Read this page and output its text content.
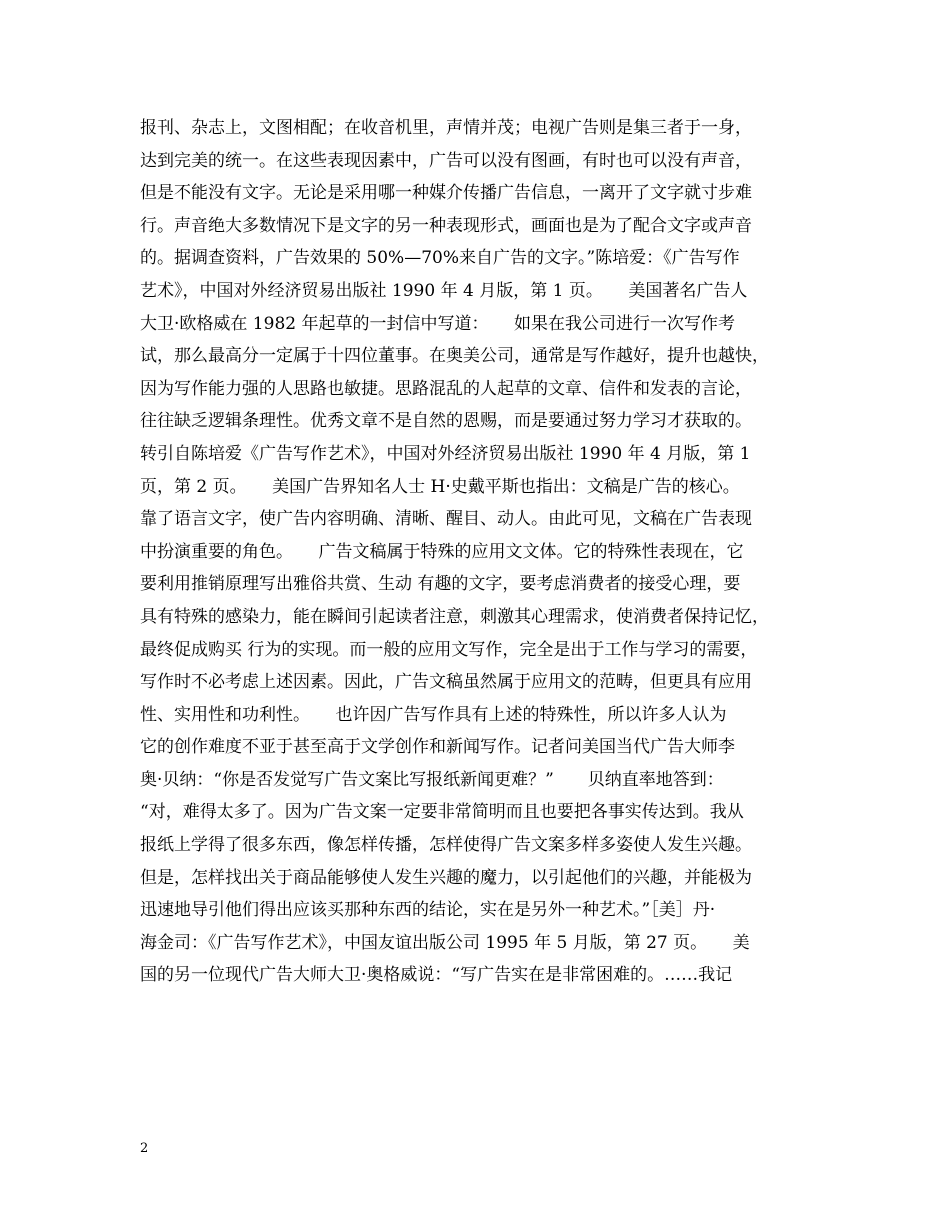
报刊、杂志上，文图相配；在收音机里，声情并茂；电视广告则是集三者于一身，
达到完美的统一。在这些表现因素中，广告可以没有图画，有时也可以没有声音，
但是不能没有文字。无论是采用哪一种媒介传播广告信息，一离开了文字就寸步难
行。声音绝大多数情况下是文字的另一种表现形式，画面也是为了配合文字或声音
的。据调查资料，广告效果的 50%—70%来自广告的文字。”陈培爱：《广告写作
艺术》，中国对外经济贸易出版社 1990 年 4 月版，第 1 页。　　美国著名广告人
大卫·欧格威在 1982 年起草的一封信中写道：　　如果在我公司进行一次写作考
试，那么最高分一定属于十四位董事。在奥美公司，通常是写作越好，提升也越快，
因为写作能力强的人思路也敏捷。思路混乱的人起草的文章、信件和发表的言论，
往往缺乏逻辑条理性。优秀文章不是自然的恩赐，而是要通过努力学习才获取的。
转引自陈培爱《广告写作艺术》，中国对外经济贸易出版社 1990 年 4 月版，第 1
页，第 2 页。　　美国广告界知名人士 H·史戴平斯也指出：文稿是广告的核心。
靠了语言文字，使广告内容明确、清晰、醒目、动人。由此可见，文稿在广告表现
中扮演重要的角色。　　广告文稿属于特殊的应用文文体。它的特殊性表现在，它
要利用推销原理写出雅俗共赏、生动 有趣的文字，要考虑消费者的接受心理，要
具有特殊的感染力，能在瞬间引起读者注意，刺激其心理需求，使消费者保持记忆，
最终促成购买 行为的实现。而一般的应用文写作，完全是出于工作与学习的需要，
写作时不必考虑上述因素。因此，广告文稿虽然属于应用文的范畴，但更具有应用
性、实用性和功利性。　　也许因广告写作具有上述的特殊性，所以许多人认为
它的创作难度不亚于甚至高于文学创作和新闻写作。记者问美国当代广告大师李
奥·贝纳：“你是否发觉写广告文案比写报纸新闻更难？”　　贝纳直率地答到：
“对，难得太多了。因为广告文案一定要非常简明而且也要把各事实传达到。我从
报纸上学得了很多东西，像怎样传播，怎样使得广告文案多样多姿使人发生兴趣。
但是，怎样找出关于商品能够使人发生兴趣的魔力，以引起他们的兴趣，并能极为
迅速地导引他们得出应该买那种东西的结论，实在是另外一种艺术。”［美］丹·
海金司：《广告写作艺术》，中国友谊出版公司 1995 年 5 月版，第 27 页。　　美
国的另一位现代广告大师大卫·奥格威说：“写广告实在是非常困难的。……我记
2
